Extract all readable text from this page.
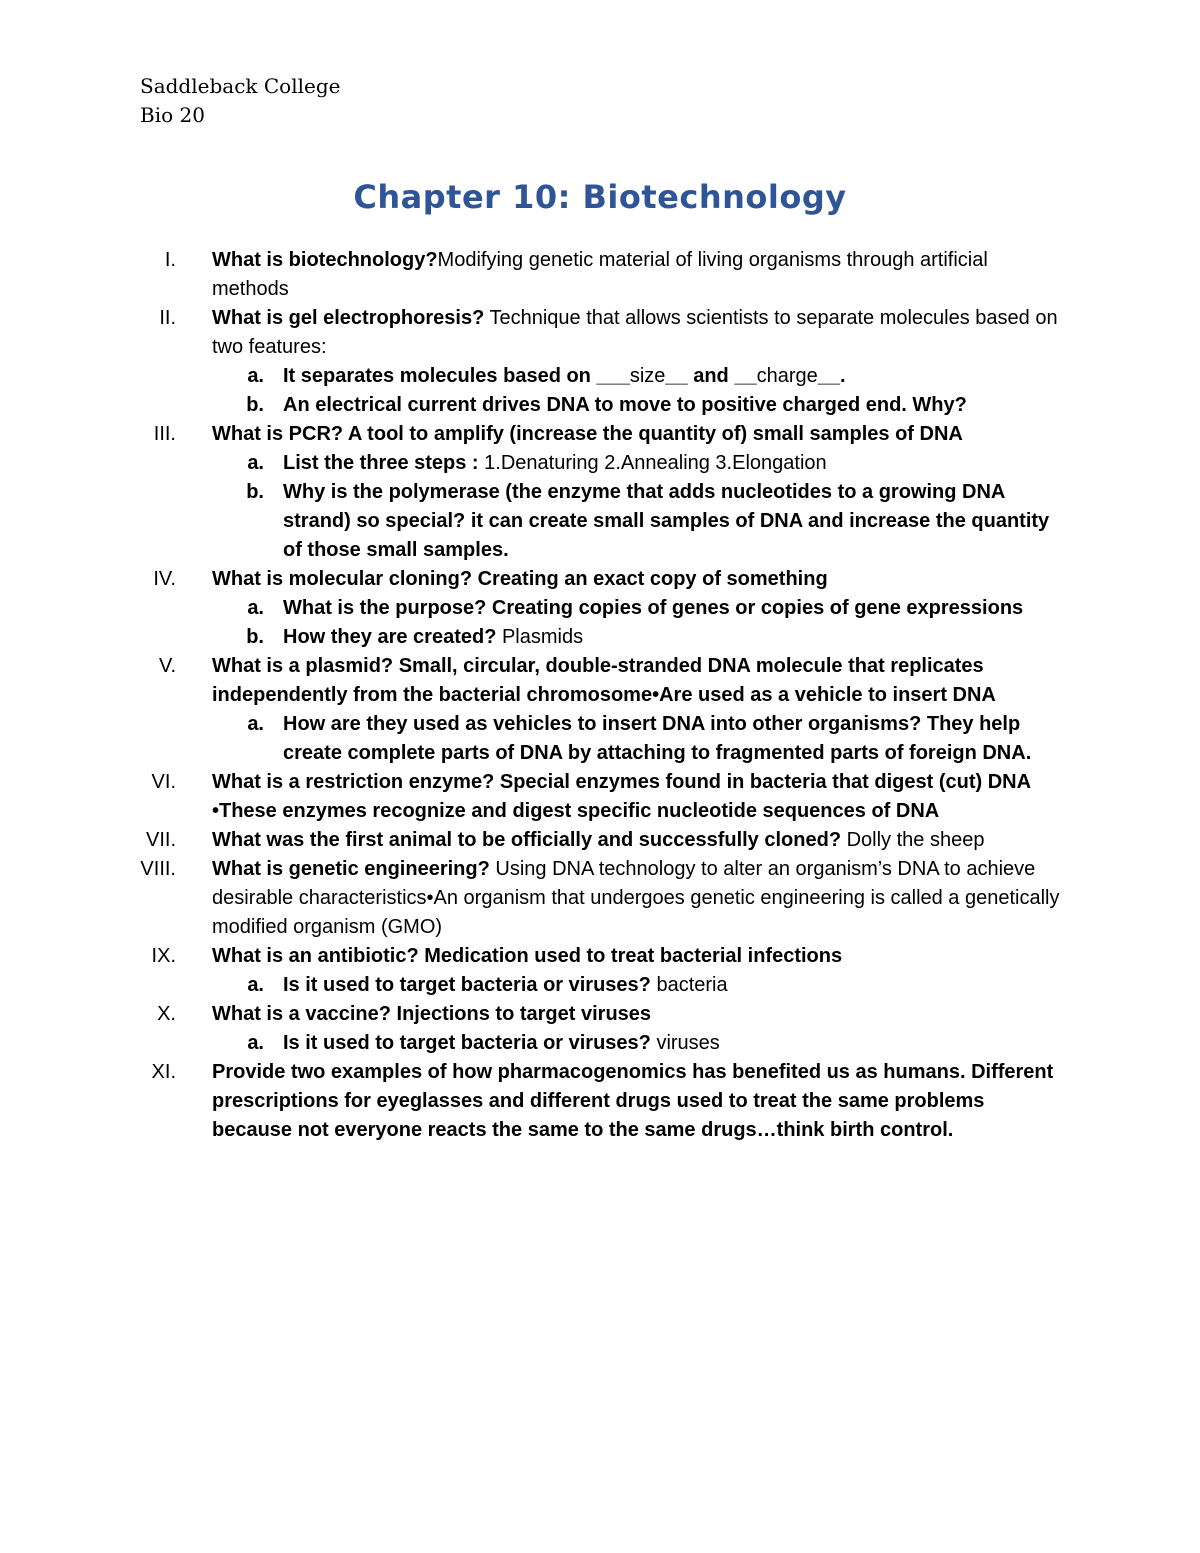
Saddleback College
Bio 20
Chapter 10: Biotechnology
I. What is biotechnology?Modifying genetic material of living organisms through artificial methods
II. What is gel electrophoresis? Technique that allows scientists to separate molecules based on two features:
a. It separates molecules based on ___size__ and __charge__.
b. An electrical current drives DNA to move to positive charged end. Why?
III. What is PCR? A tool to amplify (increase the quantity of) small samples of DNA
a. List the three steps : 1.Denaturing 2.Annealing 3.Elongation
b. Why is the polymerase (the enzyme that adds nucleotides to a growing DNA strand) so special? it can create small samples of DNA and increase the quantity of those small samples.
IV. What is molecular cloning? Creating an exact copy of something
a. What is the purpose? Creating copies of genes or copies of gene expressions
b. How they are created? Plasmids
V. What is a plasmid? Small, circular, double-stranded DNA molecule that replicates independently from the bacterial chromosome•Are used as a vehicle to insert DNA
a. How are they used as vehicles to insert DNA into other organisms? They help create complete parts of DNA by attaching to fragmented parts of foreign DNA.
VI. What is a restriction enzyme? Special enzymes found in bacteria that digest (cut) DNA •These enzymes recognize and digest specific nucleotide sequences of DNA
VII. What was the first animal to be officially and successfully cloned? Dolly the sheep
VIII. What is genetic engineering? Using DNA technology to alter an organism’s DNA to achieve desirable characteristics•An organism that undergoes genetic engineering is called a genetically modified organism (GMO)
IX. What is an antibiotic? Medication used to treat bacterial infections
a. Is it used to target bacteria or viruses? bacteria
X. What is a vaccine? Injections to target viruses
a. Is it used to target bacteria or viruses? viruses
XI. Provide two examples of how pharmacogenomics has benefited us as humans. Different prescriptions for eyeglasses and different drugs used to treat the same problems because not everyone reacts the same to the same drugs…think birth control.
